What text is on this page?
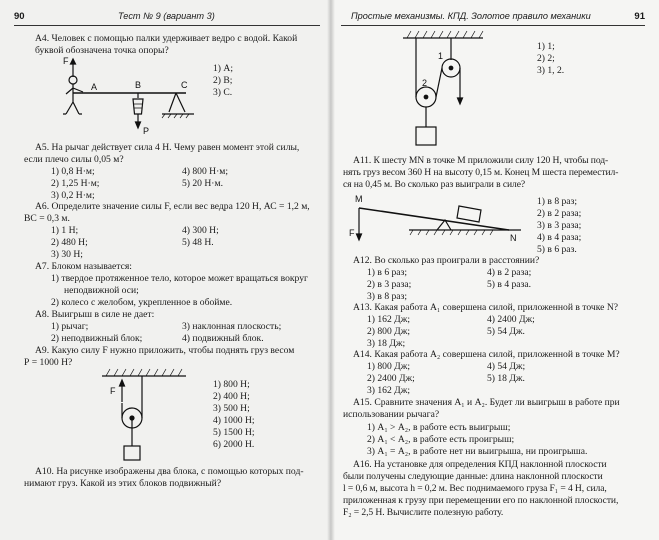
90	Тест № 9 (вариант 3)
А4. Человек с помощью палки удерживает ведро с водой. Какой
буквой обозначена точка опоры?
1) А;
2) В;
3) С.
F
A	B	C
P
А5. На рычаг действует сила 4 Н. Чему равен момент этой силы,
если плечо силы 0,05 м?
1) 0,8 Н·м;	4) 800 Н·м;
2) 1,25 Н·м;	5) 20 Н·м.
3) 0,2 Н·м;
А6. Определите значение силы F, если вес ведра 120 Н, АС = 1,2 м,
ВС = 0,3 м.
1) 1 Н;	4) 300 Н;
2) 480 Н;	5) 48 Н.
3) 30 Н;
А7. Блоком называется:
1) твердое протяженное тело, которое может вращаться вокруг
неподвижной оси;
2) колесо с желобом, укрепленное в обойме.
А8. Выигрыш в силе не дает:
1) рычаг;	3) наклонная плоскость;
2) неподвижный блок;	4) подвижный блок.
А9. Какую силу F нужно приложить, чтобы поднять груз весом
Р = 1000 Н?
F
1) 800 Н;
2) 400 Н;
3) 500 Н;
4) 1000 Н;
5) 1500 Н;
6) 2000 Н.
А10. На рисунке изображены два блока, с помощью которых под-
нимают груз. Какой из этих блоков подвижный?
Простые механизмы. КПД. Золотое правило механики	91
1
2
1) 1;
2) 2;
3) 1, 2.
А11. К шесту MN в точке М приложили силу 120 Н, чтобы под-
нять груз весом 360 Н на высоту 0,15 м. Конец М шеста переместил-
ся на 0,45 м. Во сколько раз выиграли в силе?
M
N
F
1) в 8 раз;
2) в 2 раза;
3) в 3 раза;
4) в 4 раза;
5) в 6 раз.
А12. Во сколько раз проиграли в расстоянии?
1) в 6 раз;	4) в 2 раза;
2) в 3 раза;	5) в 4 раза.
3) в 8 раз;
А13. Какая работа А₁ совершена силой, приложенной в точке N?
1) 162 Дж;	4) 2400 Дж;
2) 800 Дж;	5) 54 Дж.
3) 18 Дж;
А14. Какая работа А₂ совершена силой, приложенной в точке М?
1) 800 Дж;	4) 54 Дж;
2) 2400 Дж;	5) 18 Дж.
3) 162 Дж;
А15. Сравните значения А₁ и А₂. Будет ли выигрыш в работе при
использовании рычага?
1) А₁ > А₂, в работе есть выигрыш;
2) А₁ < А₂, в работе есть проигрыш;
3) А₁ = А₂, в работе нет ни выигрыша, ни проигрыша.
А16. На установке для определения КПД наклонной плоскости
были получены следующие данные: длина наклонной плоскости
l = 0,6 м, высота h = 0,2 м. Вес поднимаемого груза F₁ = 4 Н, сила,
приложенная к грузу при перемещении его по наклонной плоскости,
F₂ = 2,5 Н. Вычислите полезную работу.
